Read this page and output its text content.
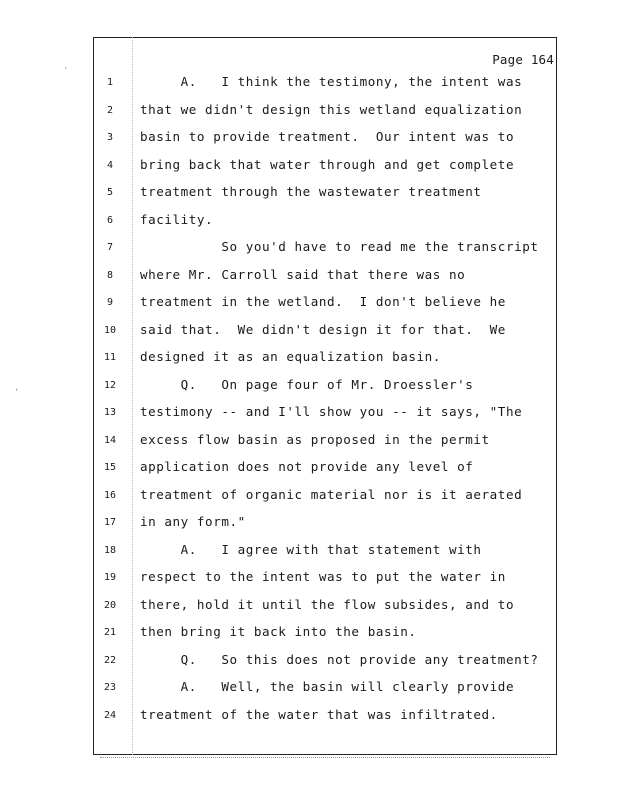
Page 164
1	A.   I think the testimony, the intent was
2	that we didn't design this wetland equalization
3	basin to provide treatment.  Our intent was to
4	bring back that water through and get complete
5	treatment through the wastewater treatment
6	facility.
7	So you'd have to read me the transcript
8	where Mr. Carroll said that there was no
9	treatment in the wetland.  I don't believe he
10	said that.  We didn't design it for that.  We
11	designed it as an equalization basin.
12	Q.   On page four of Mr. Droessler's
13	testimony -- and I'll show you -- it says, "The
14	excess flow basin as proposed in the permit
15	application does not provide any level of
16	treatment of organic material nor is it aerated
17	in any form."
18	A.   I agree with that statement with
19	respect to the intent was to put the water in
20	there, hold it until the flow subsides, and to
21	then bring it back into the basin.
22	Q.   So this does not provide any treatment?
23	A.   Well, the basin will clearly provide
24	treatment of the water that was infiltrated.
·
'
